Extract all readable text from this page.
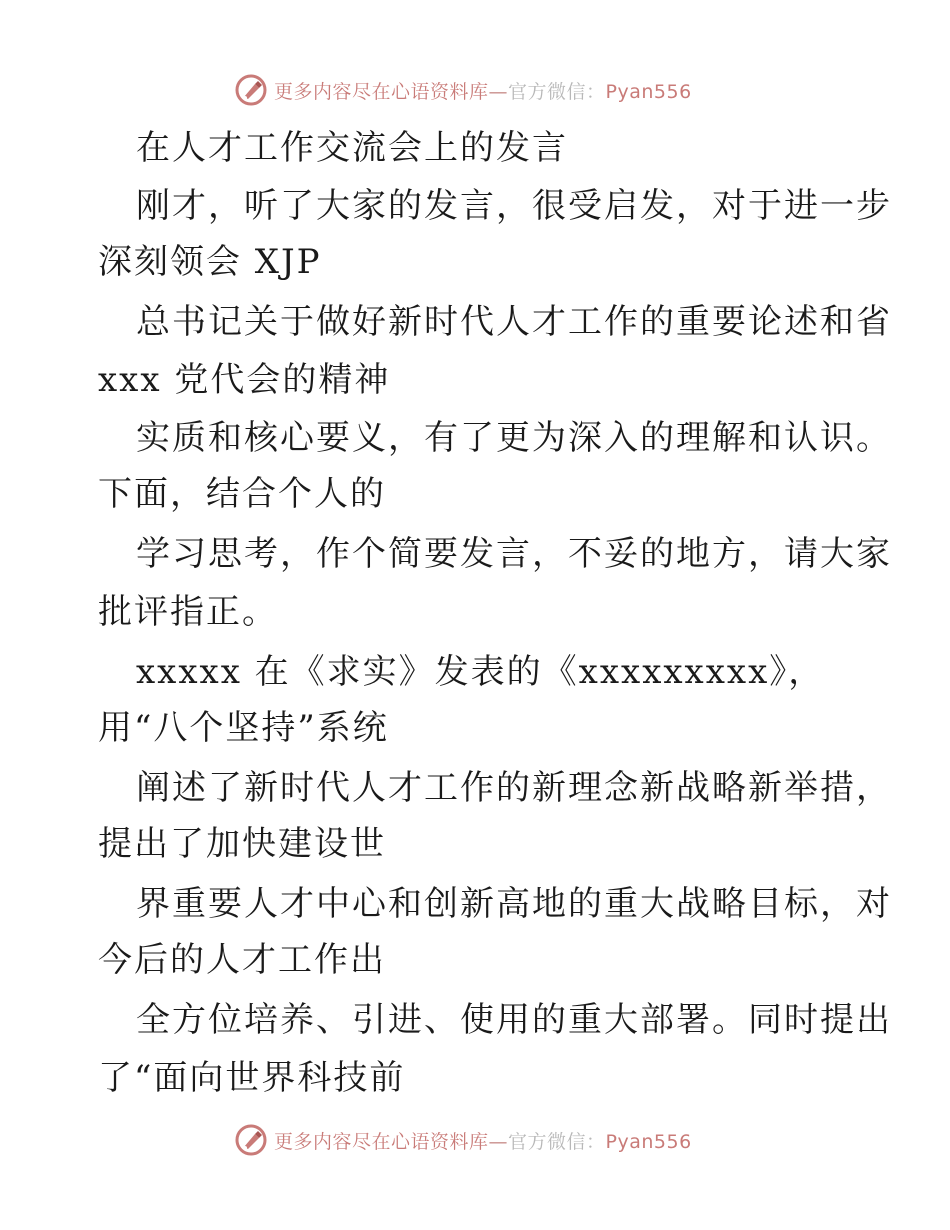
更多内容尽在心语资料库—官方微信：Pyan556
在人才工作交流会上的发言
刚才，听了大家的发言，很受启发，对于进一步
深刻领会 XJP
总书记关于做好新时代人才工作的重要论述和省
xxx 党代会的精神
实质和核心要义，有了更为深入的理解和认识。
下面，结合个人的
学习思考，作个简要发言，不妥的地方，请大家
批评指正。
xxxxx 在《求实》发表的《xxxxxxxxx》，
用“八个坚持”系统
阐述了新时代人才工作的新理念新战略新举措，
提出了加快建设世
界重要人才中心和创新高地的重大战略目标，对
今后的人才工作出
全方位培养、引进、使用的重大部署。同时提出
了“面向世界科技前
更多内容尽在心语资料库—官方微信：Pyan556
